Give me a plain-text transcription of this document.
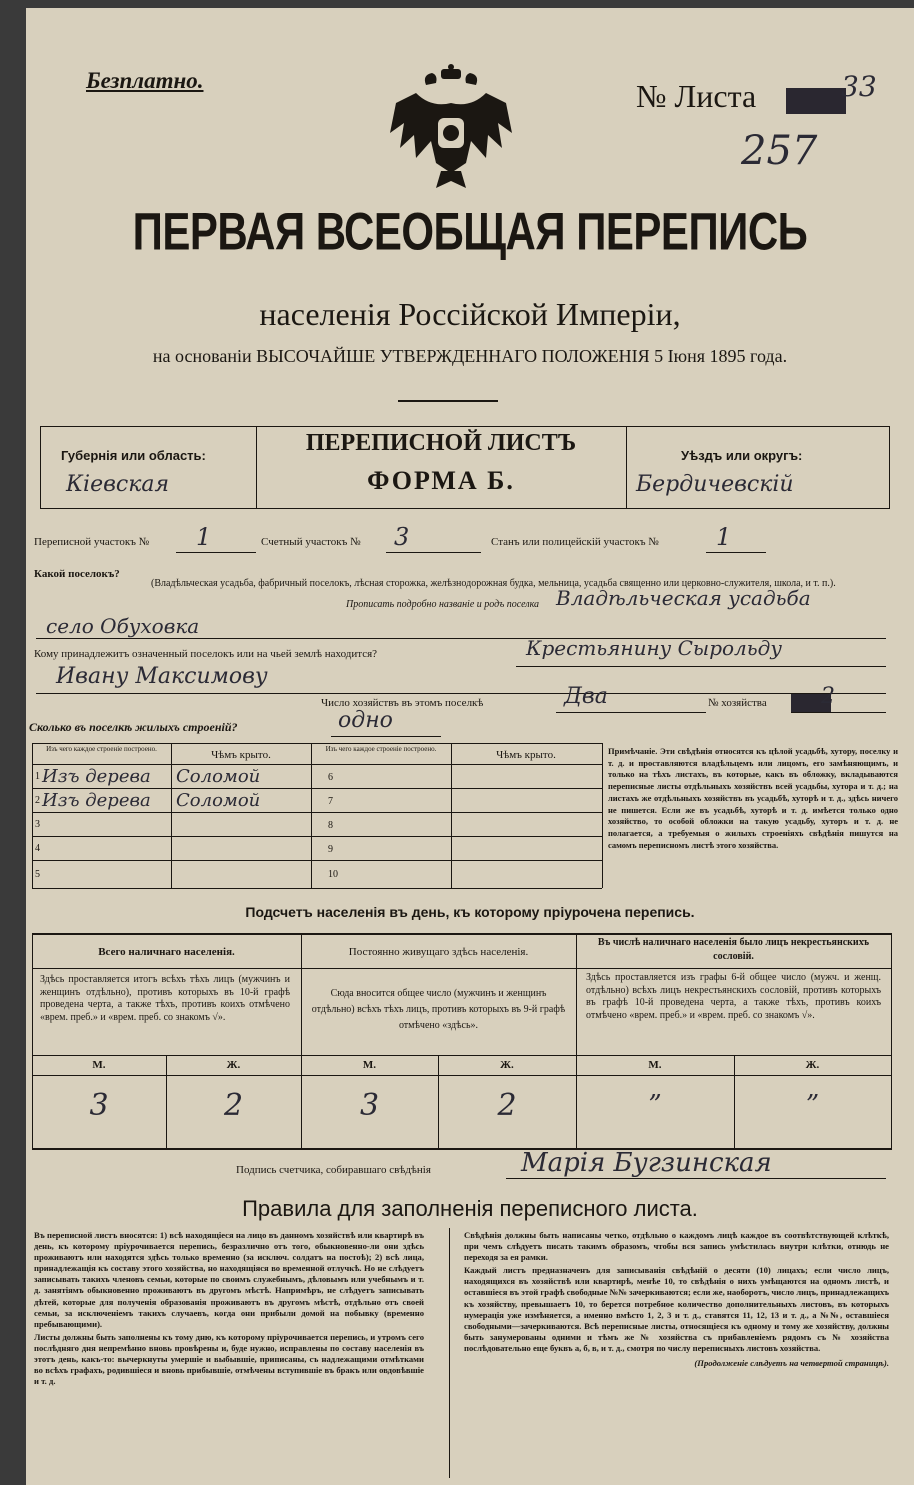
Безплатно.	№ Листа	33
257
ПЕРВАЯ ВСЕОБЩАЯ ПЕРЕПИСЬ
населенія Россійской Имперіи,
на основаніи ВЫСОЧАЙШЕ УТВЕРЖДЕННАГО ПОЛОЖЕНІЯ 5 Іюня 1895 года.
Губернія или область:
Кіевская
ПЕРЕПИСНОЙ ЛИСТЪ
ФОРМА Б.
Уѣздъ или округъ:
Бердичевскій
Переписной участокъ № 1	Счетный участокъ № 3	Станъ или полицейскій участокъ № 1
Какой поселокъ?
(Владѣльческая усадьба, фабричный поселокъ, лѣсная сторожка, желѣзнодорожная будка, мельница, усадьба священно или церковно-служителя, школа, и т. п.).
Прописать подробно названіе и родъ поселка Владѣльческая усадьба
село Обуховка
Кому принадлежитъ означенный поселокъ или на чьей землѣ находится?	Крестьянину Сырольду
Ивану Максимову
Число хозяйствъ въ этомъ поселкѣ	Два	№ хозяйства 2
Сколько въ поселкѣ жилыхъ строеній?	одно
Изъ чего каждое строеніе построено.	Чѣмъ крыто.	Изъ чего каждое строеніе построено.	Чѣмъ крыто.
1 Изъ дерева Соломой
2 Изъ дерева Соломой
3
4
5
6
7
8
9
10
Примѣчаніе. Эти свѣдѣнія относятся къ цѣлой усадьбѣ, хутору, поселку и т. д. и проставляются владѣльцемъ или лицомъ, его замѣняющимъ, и только на тѣхъ листахъ, въ которые, какъ въ обложку, вкладываются переписные листы отдѣльныхъ хозяйствъ всей усадьбы, хутора и т. д.; на листахъ же отдѣльныхъ хозяйствъ въ усадьбѣ, хуторѣ и т. д., здѣсь ничего не пишется. Если же въ усадьбѣ, хуторѣ и т. д. имѣется только одно хозяйство, то особой обложки на такую усадьбу, хуторъ и т. д. не полагается, а требуемыя о жилыхъ строеніяхъ свѣдѣнія пишутся на самомъ переписномъ листѣ этого хозяйства.
Подсчетъ населенія въ день, къ которому пріурочена перепись.
Всего наличнаго населенія.	Постоянно живущаго здѣсь населенія.
Въ числѣ наличнаго населенія было лицъ некрестьянскихъ сословій.
Здѣсь проставляется итогъ всѣхъ тѣхъ лицъ (мужчинъ и женщинъ отдѣльно), противъ которыхъ въ 10-й графѣ проведена черта, а также тѣхъ, противъ коихъ отмѣчено «врем. преб.» и «врем. преб. со знакомъ √».
Сюда вносится общее число (мужчинъ и женщинъ отдѣльно) всѣхъ тѣхъ лицъ, противъ которыхъ въ 9-й графѣ отмѣчено «здѣсь».
Здѣсь проставляется изъ графы 6-й общее число (мужч. и женщ. отдѣльно) всѣхъ лицъ некрестьянскихъ сословій, противъ которыхъ въ графѣ 10-й проведена черта, а также тѣхъ, противъ коихъ отмѣчено «врем. преб.» и «врем. преб. со знакомъ √».
М.	Ж.	М.	Ж.	М.	Ж.
3	2	3	2	”	”
Подпись счетчика, собиравшаго свѣдѣнія	Марія Бугзинская
Правила для заполненія переписного листа.

Въ переписной листъ вносятся: 1) всѣ находящіеся на лицо въ данномъ хозяйствѣ или квартирѣ въ день, къ которому пріурочивается перепись, безразлично отъ того, обыкновенно-ли они здѣсь проживаютъ или находятся здѣсь только временно (за исключ. солдатъ на постоѣ); 2) всѣ лица, принадлежащія къ составу этого хозяйства, но находящіяся во временной отлучкѣ. Но не слѣдуетъ записывать такихъ членовъ семьи, которые по своимъ служебнымъ, дѣловымъ или учебнымъ и т. д. занятіямъ обыкновенно проживаютъ въ другомъ мѣстѣ. Напримѣръ, не слѣдуетъ записывать дѣтей, которые для полученія образованія проживаютъ въ другомъ мѣстѣ, отдѣльно отъ своей семьи, за исключеніемъ такихъ случаевъ, когда они прибыли домой на побывку (временно пребывающими).

Листы должны быть заполнены къ тому дню, къ которому пріурочивается перепись, и утромъ сего послѣдняго дня непремѣнно вновь провѣрены и, буде нужно, исправлены по составу населенія въ этотъ день, какъ-то: вычеркнуты умершіе и выбывшіе, приписаны, съ надлежащими отмѣтками во всѣхъ графахъ, родившіеся и вновь прибывшіе, отмѣчены вступившіе въ бракъ или овдовѣвшіе и т. д.

Свѣдѣнія должны быть написаны четко, отдѣльно о каждомъ лицѣ каждое въ соотвѣтствующей клѣткѣ, при чемъ слѣдуетъ писать такимъ образомъ, чтобы вся запись умѣстилась внутри клѣтки, отнюдь не переходя за ея рамки.

Каждый листъ предназначенъ для записыванія свѣдѣній о десяти (10) лицахъ; если число лицъ, находящихся въ хозяйствѣ или квартирѣ, менѣе 10, то свѣдѣнія о нихъ умѣщаются на одномъ листѣ, и оставшіеся въ этой графѣ свободные №№ зачеркиваются; если же, наоборотъ, число лицъ, принадлежащихъ къ хозяйству, превышаетъ 10, то берется потребное количество дополнительныхъ листовъ, въ которыхъ нумерація уже измѣняется, а именно вмѣсто 1, 2, 3 и т. д., ставятся 11, 12, 13 и т. д., а №№, оставшіеся свободными—зачеркиваются. Всѣ переписные листы, относящіеся къ одному и тому же хозяйству, должны быть занумерованы одними и тѣмъ же № хозяйства съ прибавленіемъ рядомъ съ № хозяйства послѣдовательно еще буквъ а, б, в, и т. д., смотря по числу переписныхъ листовъ хозяйства.

(Продолженіе слѣдуетъ на четвертой страницѣ).
